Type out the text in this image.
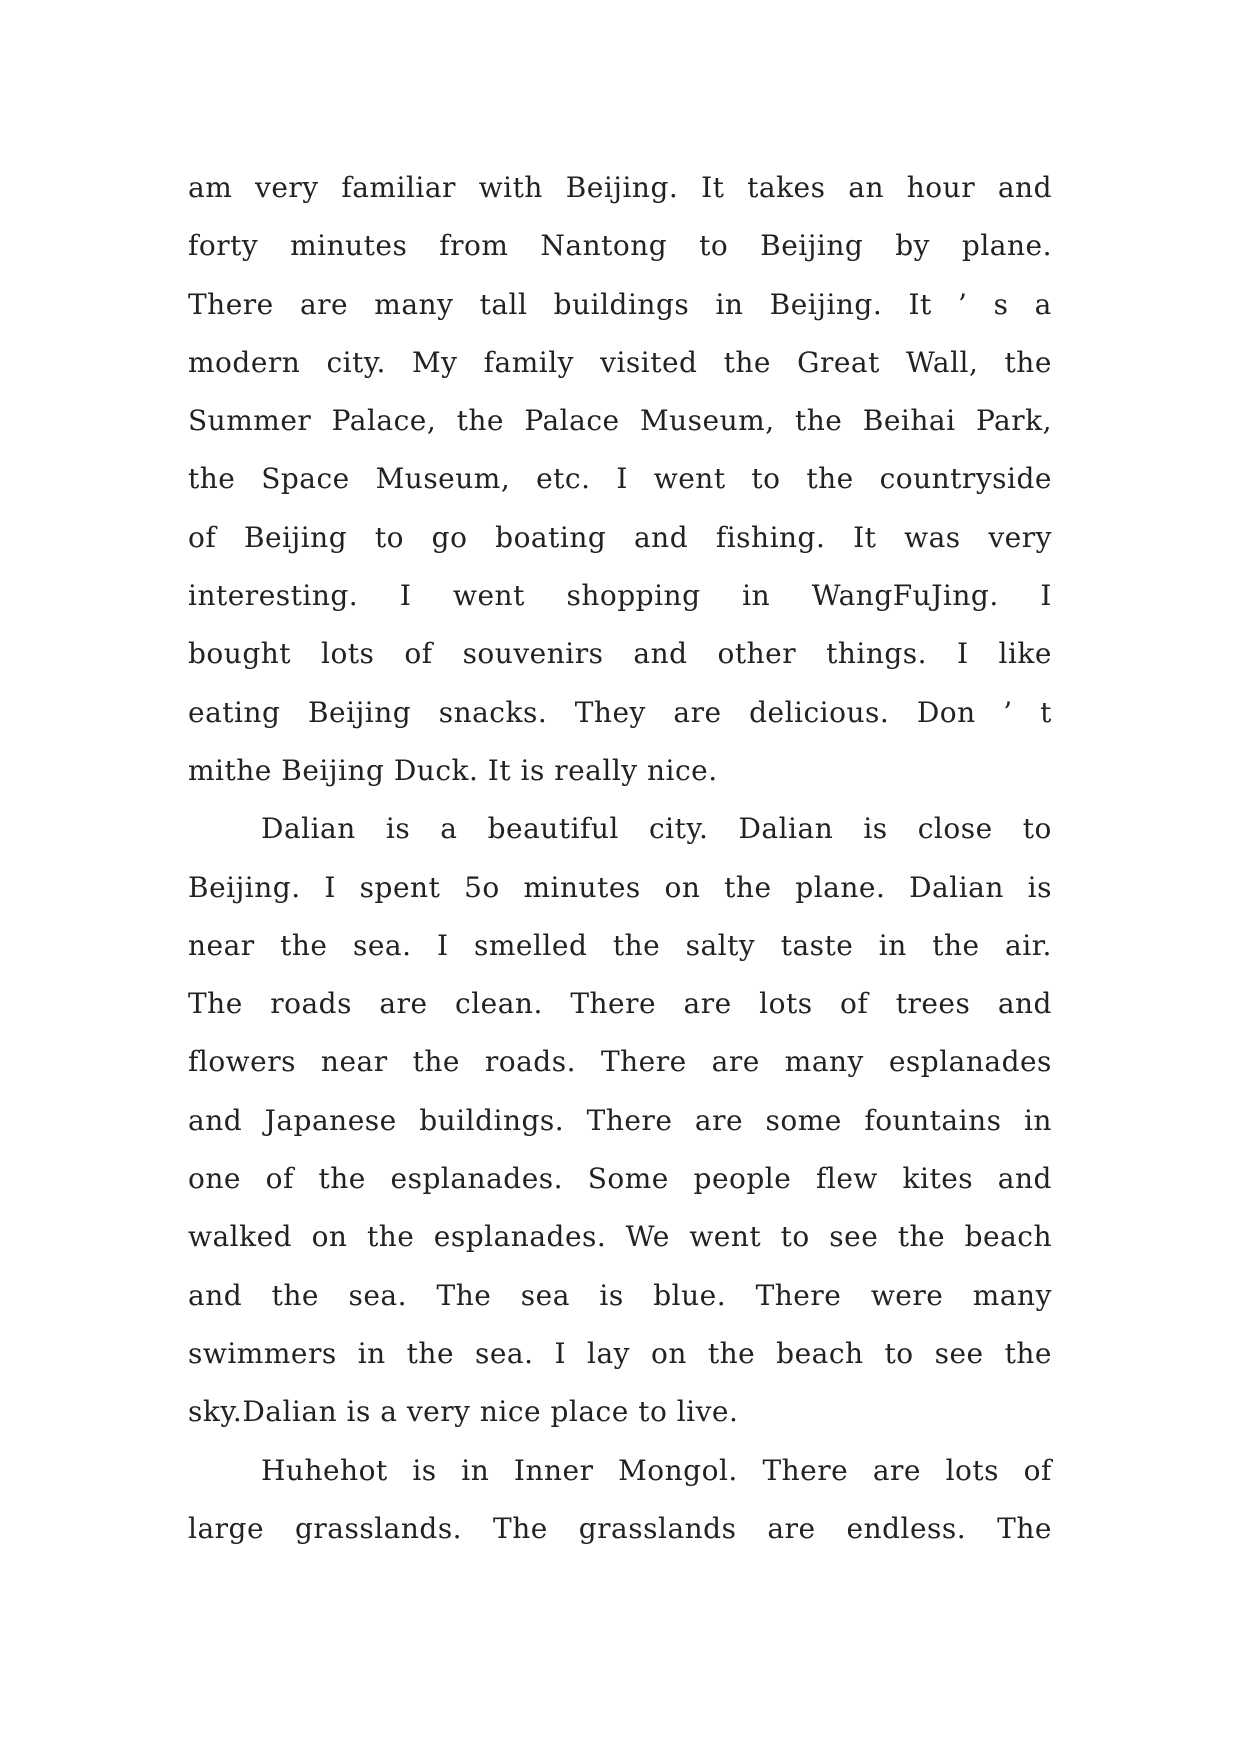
am very familiar with Beijing. It takes an hour and
forty minutes from Nantong to Beijing by plane.
There are many tall buildings in Beijing. It ’ s a
modern city. My family visited the Great Wall, the
Summer Palace, the Palace Museum, the Beihai Park,
the Space Museum, etc. I went to the countryside
of Beijing to go boating and fishing. It was very
interesting. I went shopping in WangFuJing. I
bought lots of souvenirs and other things. I like
eating Beijing snacks. They are delicious. Don ’ t
mithe Beijing Duck. It is really nice.
Dalian is a beautiful city. Dalian is close to
Beijing. I spent 5o minutes on the plane. Dalian is
near the sea. I smelled the salty taste in the air.
The roads are clean. There are lots of trees and
flowers near the roads. There are many esplanades
and Japanese buildings. There are some fountains in
one of the esplanades. Some people flew kites and
walked on the esplanades. We went to see the beach
and the sea. The sea is blue. There were many
swimmers in the sea. I lay on the beach to see the
sky.Dalian is a very nice place to live.
Huhehot is in Inner Mongol. There are lots of
large grasslands. The grasslands are endless. The
